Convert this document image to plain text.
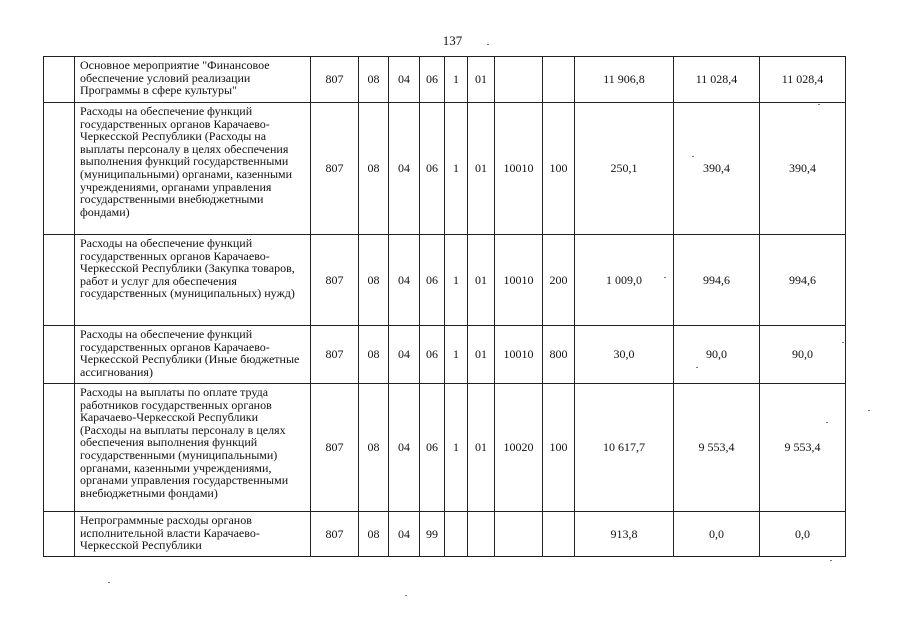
137
	Основное мероприятие "Финансовое обеспечение условий реализации Программы в сфере культуры"	807	08	04	06	1	01			11 906,8	11 028,4	11 028,4
	Расходы на обеспечение функций государственных органов Карачаево-Черкесской Республики (Расходы на выплаты персоналу в целях обеспечения выполнения функций государственными (муниципальными) органами, казенными учреждениями, органами управления государственными внебюджетными фондами)	807	08	04	06	1	01	10010	100	250,1	390,4	390,4
	Расходы на обеспечение функций государственных органов Карачаево-Черкесской Республики (Закупка товаров, работ и услуг для обеспечения государственных (муниципальных) нужд)	807	08	04	06	1	01	10010	200	1 009,0	994,6	994,6
	Расходы на обеспечение функций государственных органов Карачаево-Черкесской Республики (Иные бюджетные ассигнования)	807	08	04	06	1	01	10010	800	30,0	90,0	90,0
	Расходы на выплаты по оплате труда работников государственных органов Карачаево-Черкесской Республики (Расходы на выплаты персоналу в целях обеспечения выполнения функций государственными (муниципальными) органами, казенными учреждениями, органами управления государственными внебюджетными фондами)	807	08	04	06	1	01	10020	100	10 617,7	9 553,4	9 553,4
	Непрограммные расходы органов исполнительной власти Карачаево-Черкесской Республики	807	08	04	99					913,8	0,0	0,0
